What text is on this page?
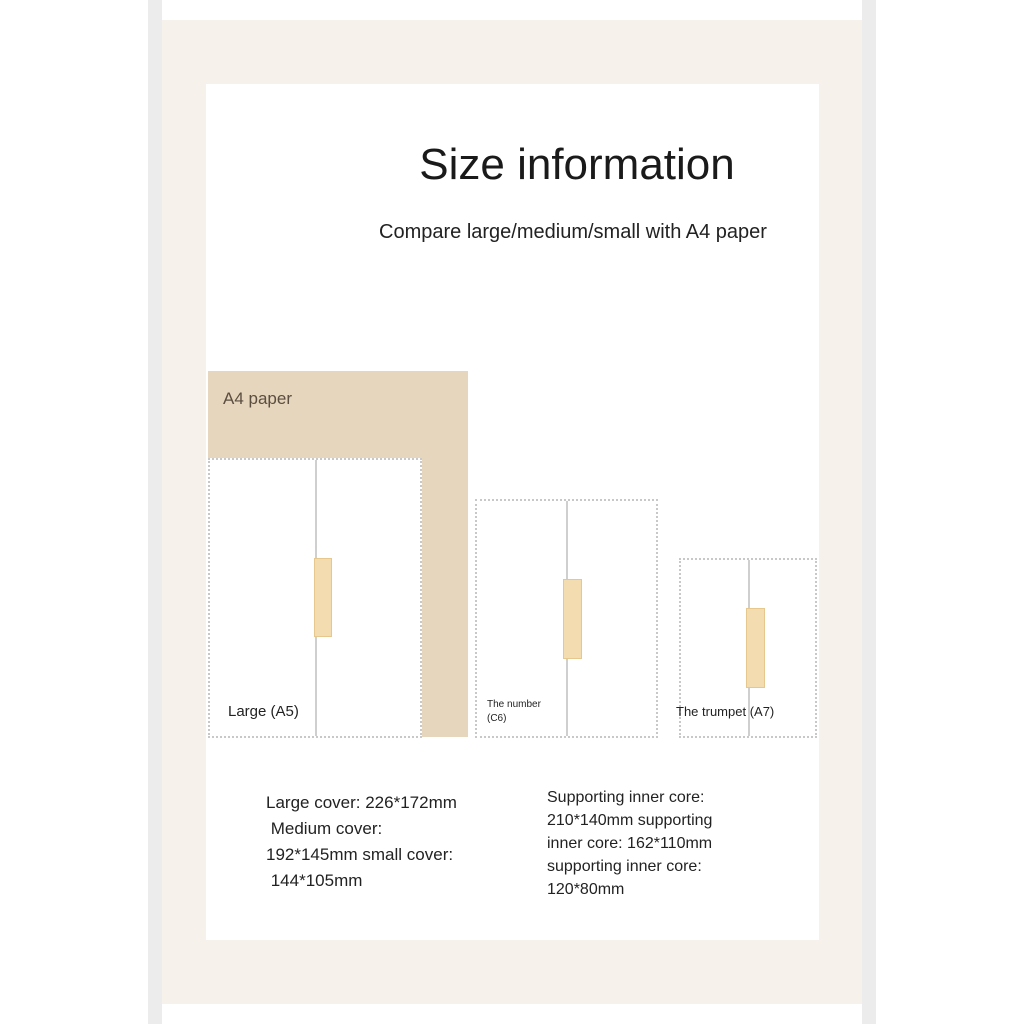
Size information
Compare large/medium/small with A4 paper
A4 paper
Large (A5)	The number
(C6)	The trumpet (A7)
Large cover: 226*172mm
Medium cover:
192*145mm small cover:
144*105mm
Supporting inner core:
210*140mm supporting
inner core: 162*110mm
supporting inner core:
120*80mm
